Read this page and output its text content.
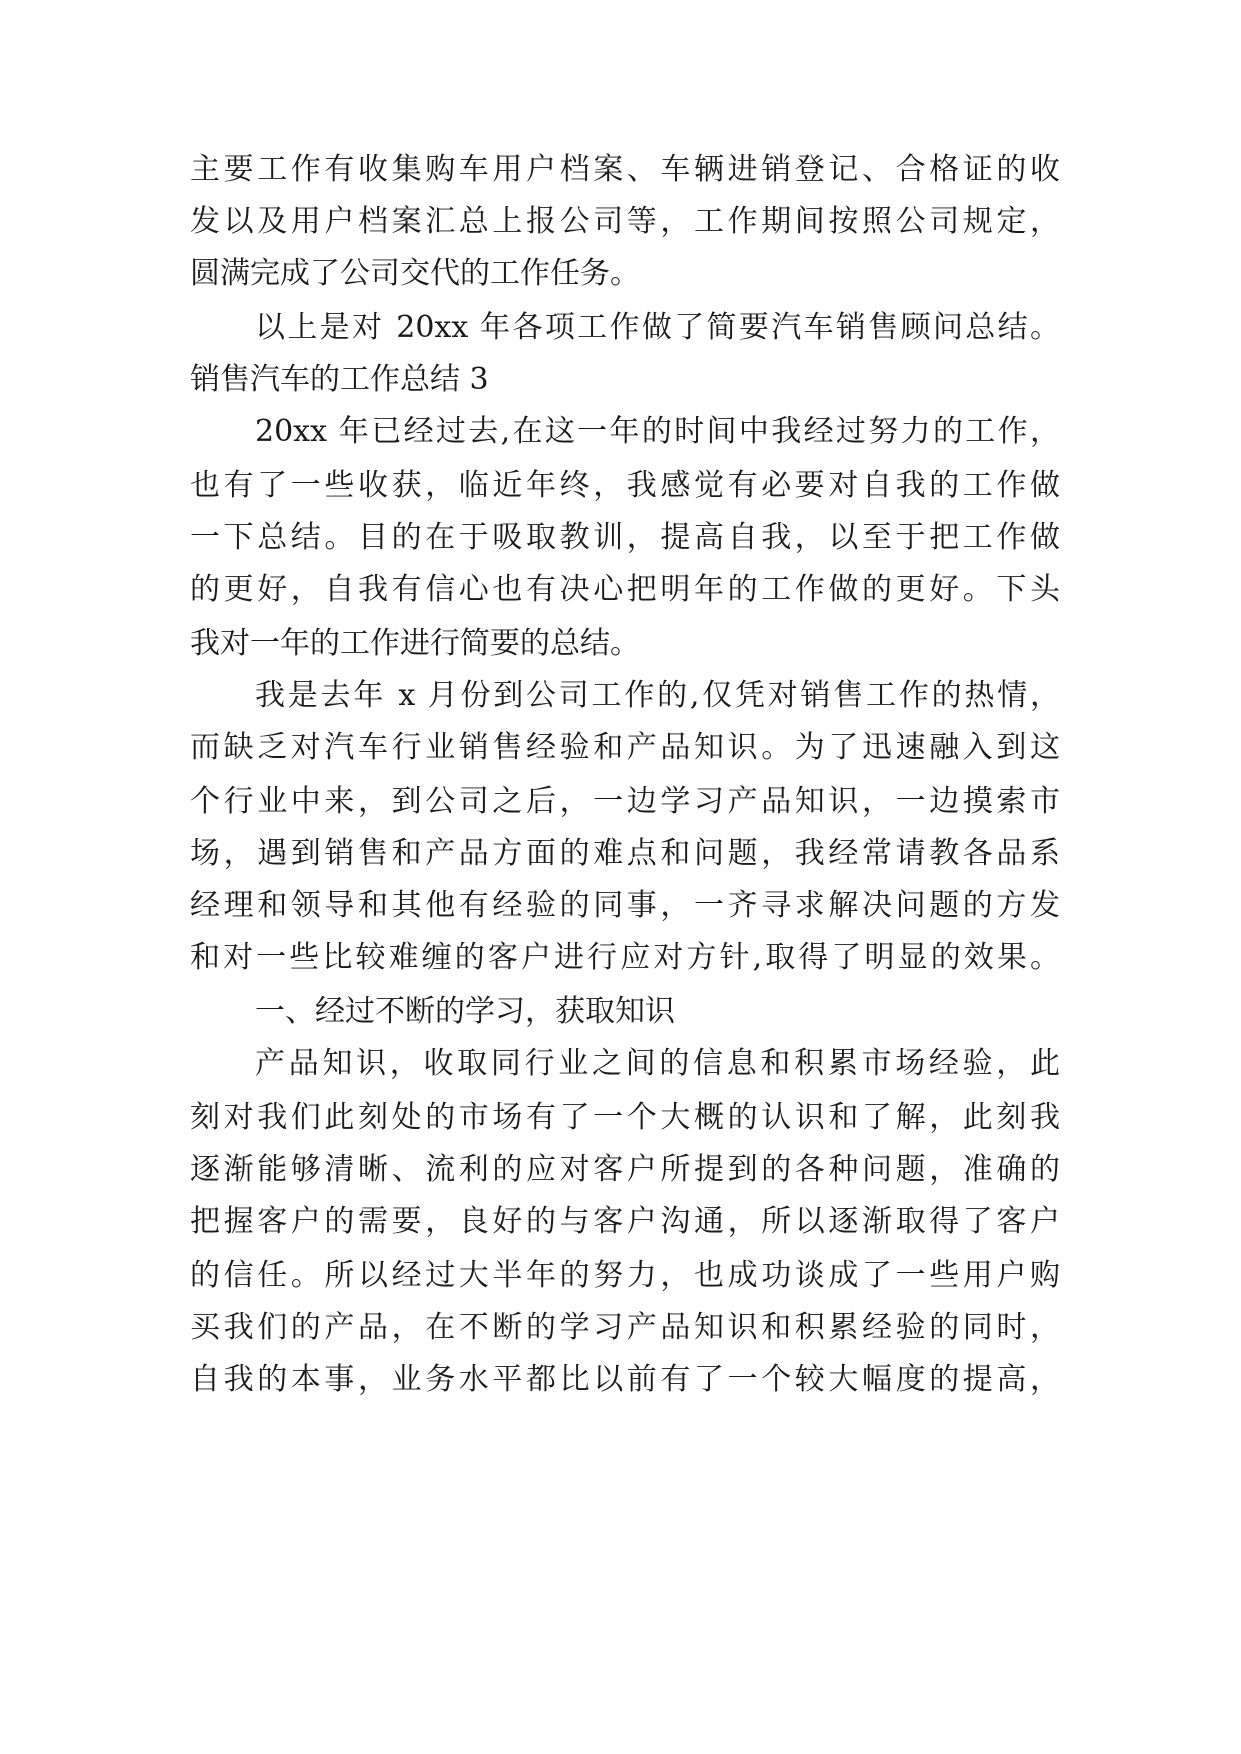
主要工作有收集购车用户档案、车辆进销登记、合格证的收
发以及用户档案汇总上报公司等，工作期间按照公司规定，
圆满完成了公司交代的工作任务。
以上是对 20xx 年各项工作做了简要汽车销售顾问总结。
销售汽车的工作总结 3
20xx 年已经过去,在这一年的时间中我经过努力的工作，
也有了一些收获，临近年终，我感觉有必要对自我的工作做
一下总结。目的在于吸取教训，提高自我，以至于把工作做
的更好，自我有信心也有决心把明年的工作做的更好。下头
我对一年的工作进行简要的总结。
我是去年 x 月份到公司工作的,仅凭对销售工作的热情，
而缺乏对汽车行业销售经验和产品知识。为了迅速融入到这
个行业中来，到公司之后，一边学习产品知识，一边摸索市
场，遇到销售和产品方面的难点和问题，我经常请教各品系
经理和领导和其他有经验的同事，一齐寻求解决问题的方发
和对一些比较难缠的客户进行应对方针,取得了明显的效果。
一、经过不断的学习，获取知识
产品知识，收取同行业之间的信息和积累市场经验，此
刻对我们此刻处的市场有了一个大概的认识和了解，此刻我
逐渐能够清晰、流利的应对客户所提到的各种问题，准确的
把握客户的需要，良好的与客户沟通，所以逐渐取得了客户
的信任。所以经过大半年的努力，也成功谈成了一些用户购
买我们的产品，在不断的学习产品知识和积累经验的同时，
自我的本事，业务水平都比以前有了一个较大幅度的提高，
